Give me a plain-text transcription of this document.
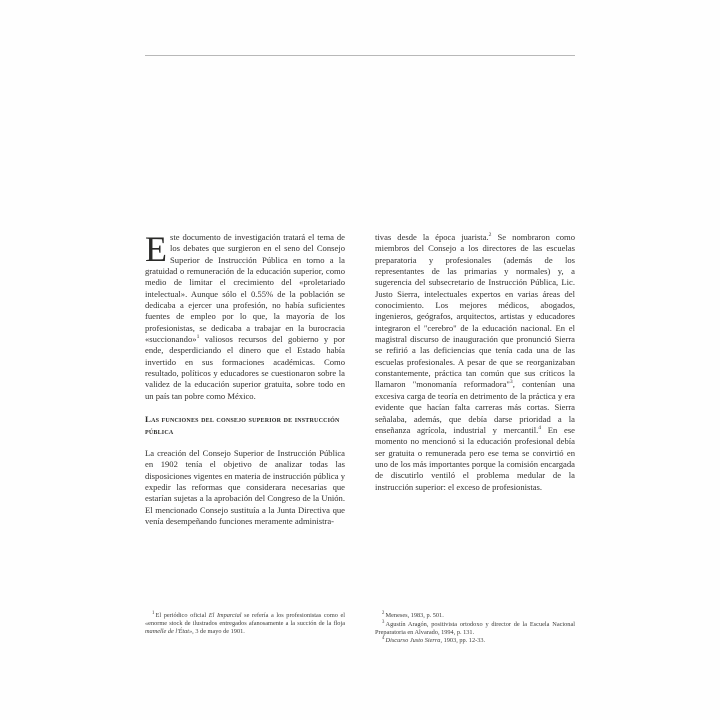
Este documento de investigación tratará el tema de los debates que surgieron en el seno del Consejo Superior de Instrucción Pública en torno a la gratuidad o remuneración de la educación superior, como medio de limitar el crecimiento del «proletariado intelectual». Aunque sólo el 0.55% de la población se dedicaba a ejercer una profesión, no había suficientes fuentes de empleo por lo que, la mayoría de los profesionistas, se dedicaba a trabajar en la burocracia «succionando»$^1$ valiosos recursos del gobierno y por ende, desperdiciando el dinero que el Estado había invertido en sus formaciones académicas. Como resultado, políticos y educadores se cuestionaron sobre la validez de la educación superior gratuita, sobre todo en un país tan pobre como México.

Las funciones del consejo superior de instrucción pública

La creación del Consejo Superior de Instrucción Pública en 1902 tenía el objetivo de analizar todas las disposiciones vigentes en materia de instrucción pública y expedir las reformas que considerara necesarias que estarían sujetas a la aprobación del Congreso de la Unión. El mencionado Consejo sustituía a la Junta Directiva que venía desempeñando funciones meramente administra-

$^1$El periódico oficial El Imparcial se refería a los profesionistas como el «enorme stock de ilustrados entregados afanosamente a la succión de la floja mamelle de l'État», 3 de mayo de 1901.

tivas desde la época juarista.$^2$ Se nombraron como miembros del Consejo a los directores de las escuelas preparatoria y profesionales (además de los representantes de las primarias y normales) y, a sugerencia del subsecretario de Instrucción Pública, Lic. Justo Sierra, intelectuales expertos en varias áreas del conocimiento. Los mejores médicos, abogados, ingenieros, geógrafos, arquitectos, artistas y educadores integraron el "cerebro" de la educación nacional. En el magistral discurso de inauguración que pronunció Sierra se refirió a las deficiencias que tenía cada una de las escuelas profesionales. A pesar de que se reorganizaban constantemente, práctica tan común que sus críticos la llamaron "monomanía reformadora"$^3$, contenían una excesiva carga de teoría en detrimento de la práctica y era evidente que hacían falta carreras más cortas. Sierra señalaba, además, que debía darse prioridad a la enseñanza agrícola, industrial y mercantil.$^4$ En ese momento no mencionó si la educación profesional debía ser gratuita o remunerada pero ese tema se convirtió en uno de los más importantes porque la comisión encargada de discutirlo ventiló el problema medular de la instrucción superior: el exceso de profesionistas.

$^2$Meneses, 1983, p. 501.

$^3$Agustín Aragón, positivista ortodoxo y director de la Escuela Nacional Preparatoria en Alvarado, 1994, p. 131.

$^4$Discurso Justo Sierra, 1903, pp. 12-33.
